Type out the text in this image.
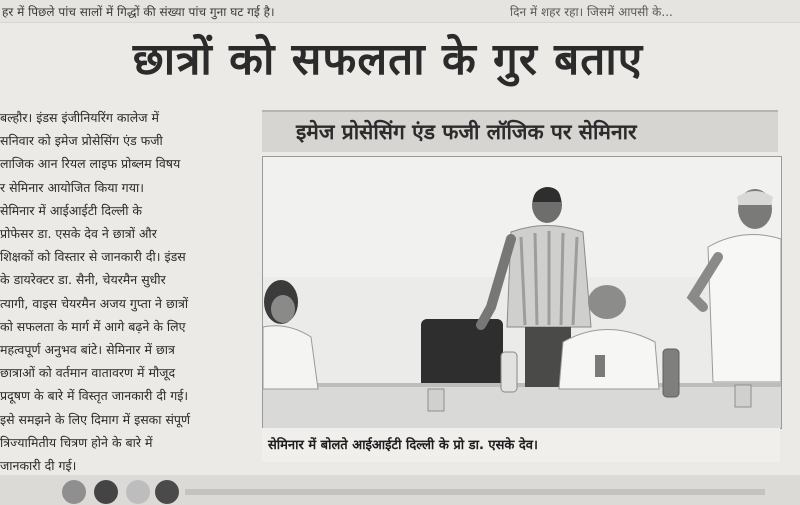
हर में पिछले पांच सालों में गिद्धों की संख्या पांच गुना घट गई है।	दिन में शहर रहा। जिसमें आपसी के...
छात्रों को सफलता के गुर बताए

बल्हौर। इंडस इंजीनियरिंग कालेज में

सनिवार को इमेज प्रोसेसिंग एंड फजी

लाजिक आन रियल लाइफ प्रोब्लम विषय

र सेमिनार आयोजित किया गया।

सेमिनार में आईआईटी दिल्ली के

प्रोफेसर डा. एसके देव ने छात्रों और

शिक्षकों को विस्तार से जानकारी दी। इंडस

के डायरेक्टर डा. सैनी, चेयरमैन सुधीर

त्यागी, वाइस चेयरमैन अजय गुप्ता ने छात्रों

को सफलता के मार्ग में आगे बढ़ने के लिए

महत्वपूर्ण अनुभव बांटे। सेमिनार में छात्र

छात्राओं को वर्तमान वातावरण में मौजूद

प्रदूषण के बारे में विस्तृत जानकारी दी गई।

इसे समझने के लिए दिमाग में इसका संपूर्ण

त्रिज्यामितीय चित्रण होने के बारे में

जानकारी दी गई।

इमेज प्रोसेसिंग एंड फजी लॉजिक पर सेमिनार
सेमिनार में बोलते आईआईटी दिल्ली के प्रो डा. एसके देव।
